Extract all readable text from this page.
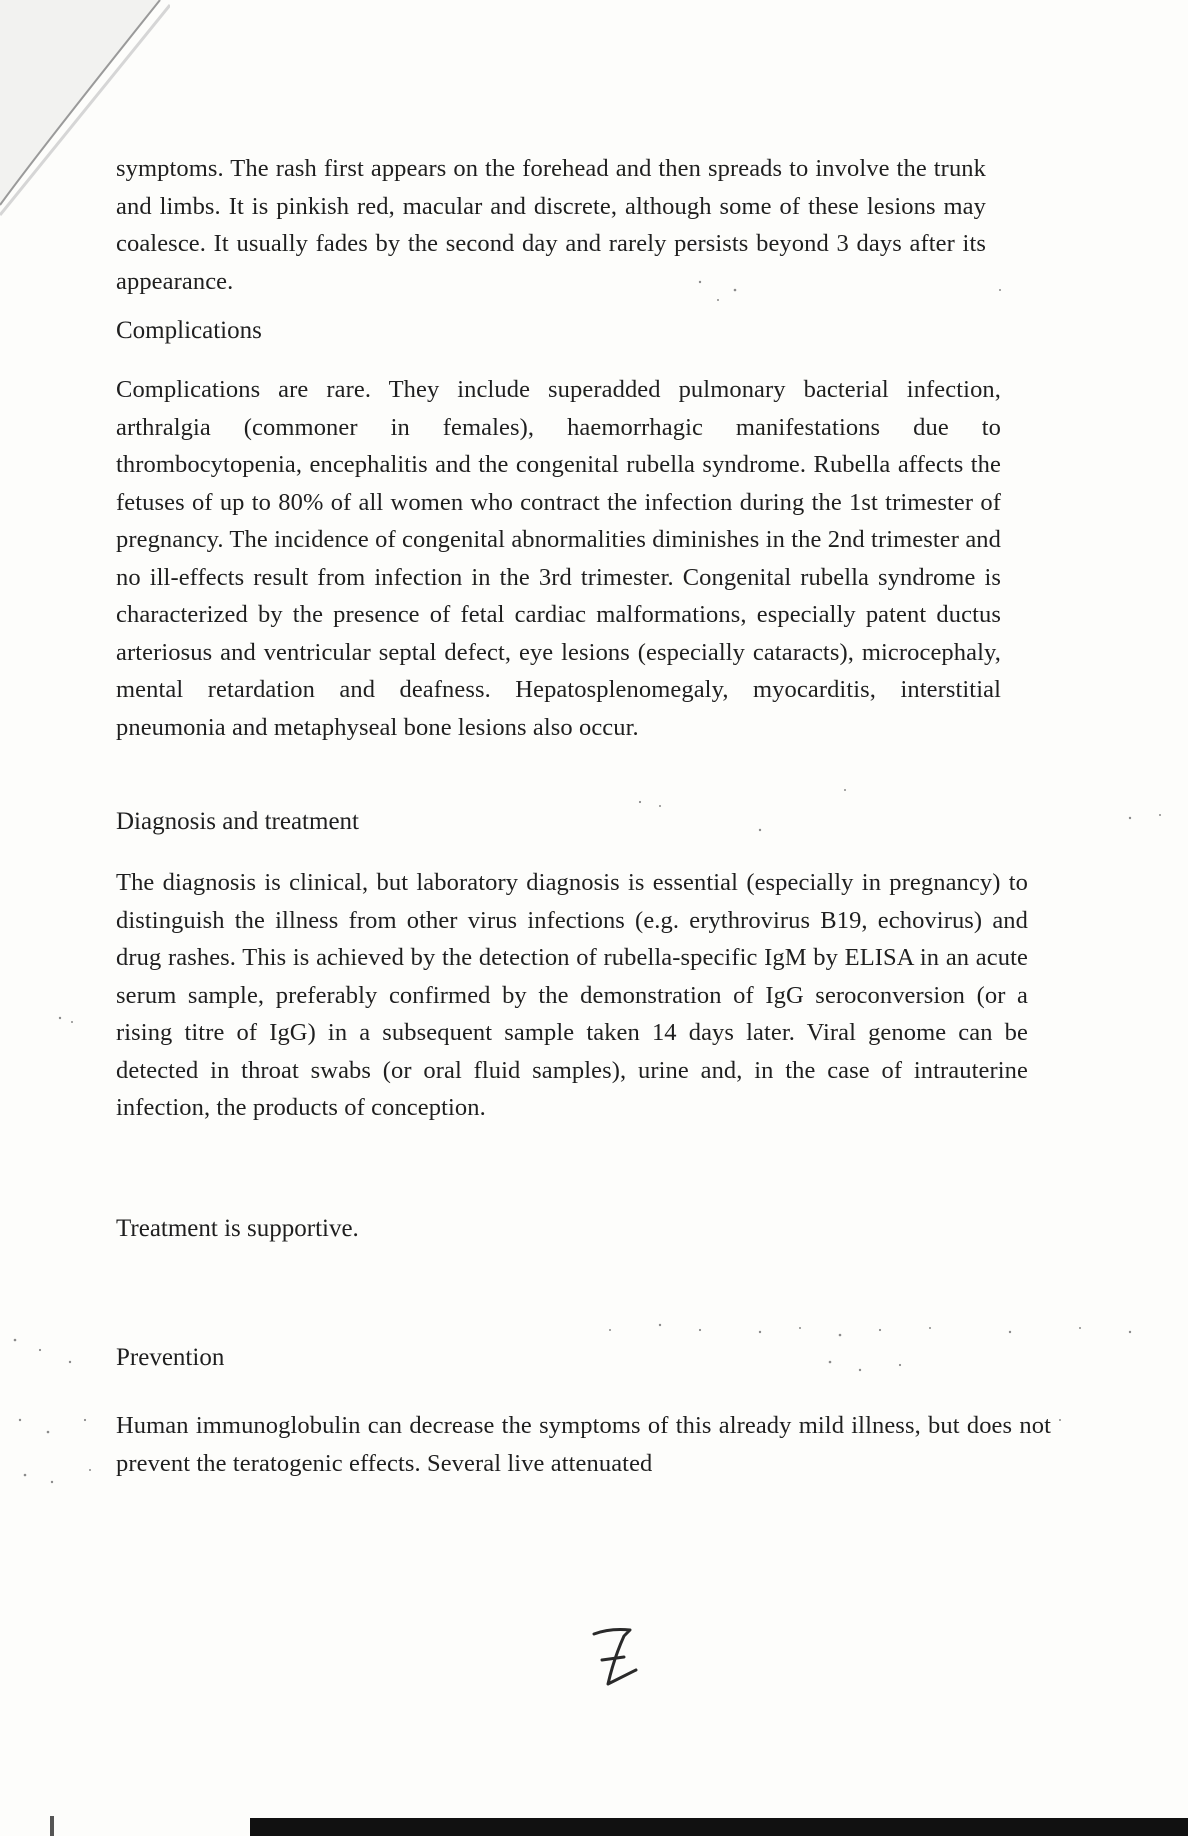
symptoms. The rash first appears on the forehead and then spreads to involve the trunk and limbs. It is pinkish red, macular and discrete, although some of these lesions may coalesce. It usually fades by the second day and rarely persists beyond 3 days after its appearance.

Complications

Complications are rare. They include superadded pulmonary bacterial infection, arthralgia (commoner in females), haemorrhagic manifestations due to thrombocytopenia, encephalitis and the congenital rubella syndrome. Rubella affects the fetuses of up to 80% of all women who contract the infection during the 1st trimester of pregnancy. The incidence of congenital abnormalities diminishes in the 2nd trimester and no ill-effects result from infection in the 3rd trimester. Congenital rubella syndrome is characterized by the presence of fetal cardiac malformations, especially patent ductus arteriosus and ventricular septal defect, eye lesions (especially cataracts), microcephaly, mental retardation and deafness. Hepatosplenomegaly, myocarditis, interstitial pneumonia and metaphyseal bone lesions also occur.

Diagnosis and treatment

The diagnosis is clinical, but laboratory diagnosis is essential (especially in pregnancy) to distinguish the illness from other virus infections (e.g. erythrovirus B19, echovirus) and drug rashes. This is achieved by the detection of rubella-specific IgM by ELISA in an acute serum sample, preferably confirmed by the demonstration of IgG seroconversion (or a rising titre of IgG) in a subsequent sample taken 14 days later. Viral genome can be detected in throat swabs (or oral fluid samples), urine and, in the case of intrauterine infection, the products of conception.

Treatment is supportive.
Prevention

Human immunoglobulin can decrease the symptoms of this already mild illness, but does not prevent the teratogenic effects. Several live attenuated
